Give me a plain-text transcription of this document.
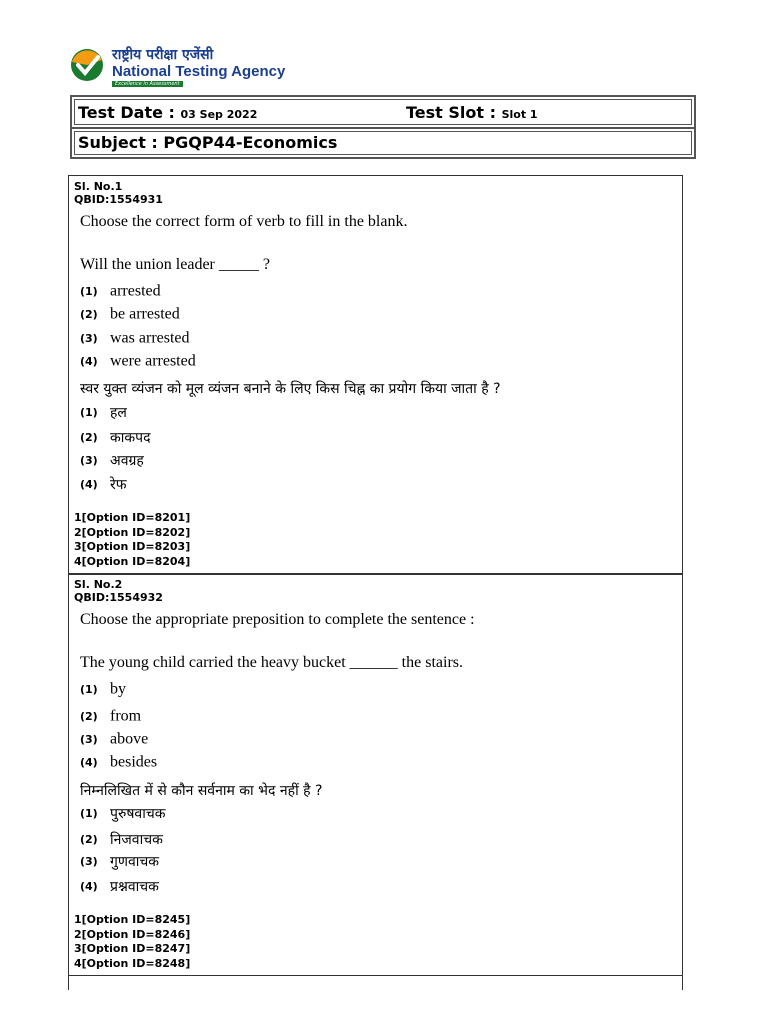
राष्ट्रीय परीक्षा एजेंसी
National Testing Agency
Excellence in Assessment
Test Date : 03 Sep 2022	Test Slot : Slot 1
Subject : PGQP44-Economics
Sl. No.1
QBID:1554931
Choose the correct form of verb to fill in the blank.
Will the union leader _____ ?
(1) arrested
(2) be arrested
(3) was arrested
(4) were arrested
स्वर युक्त व्यंजन को मूल व्यंजन बनाने के लिए किस चिह्न का प्रयोग किया जाता है ?
(1) हल
(2) काकपद
(3) अवग्रह
(4) रेफ
1[Option ID=8201]
2[Option ID=8202]
3[Option ID=8203]
4[Option ID=8204]
Sl. No.2
QBID:1554932
Choose the appropriate preposition to complete the sentence :
The young child carried the heavy bucket ______ the stairs.
(1) by
(2) from
(3) above
(4) besides
निम्नलिखित में से कौन सर्वनाम का भेद नहीं है ?
(1) पुरुषवाचक
(2) निजवाचक
(3) गुणवाचक
(4) प्रश्नवाचक
1[Option ID=8245]
2[Option ID=8246]
3[Option ID=8247]
4[Option ID=8248]
